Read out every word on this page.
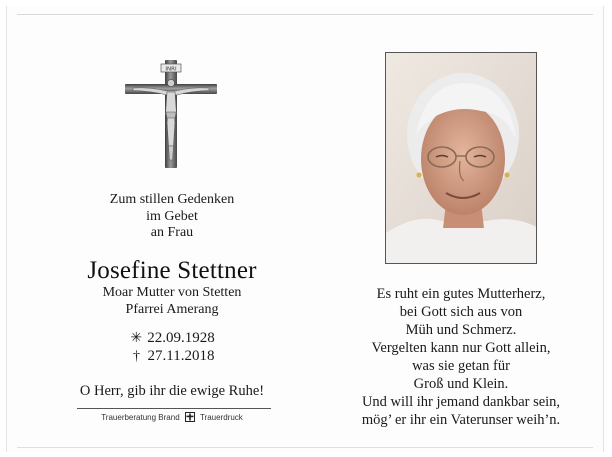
INRI
Zum stillen Gedenken
im Gebet
an Frau
Josefine Stettner
Moar Mutter von Stetten
Pfarrei Amerang
✳ 22.09.1928
† 27.11.2018
O Herr, gib ihr die ewige Ruhe!
Trauerberatung Brand	Trauerdruck
Es ruht ein gutes Mutterherz,
bei Gott sich aus von
Müh und Schmerz.
Vergelten kann nur Gott allein,
was sie getan für
Groß und Klein.
Und will ihr jemand dankbar sein,
mög’ er ihr ein Vaterunser weih’n.
